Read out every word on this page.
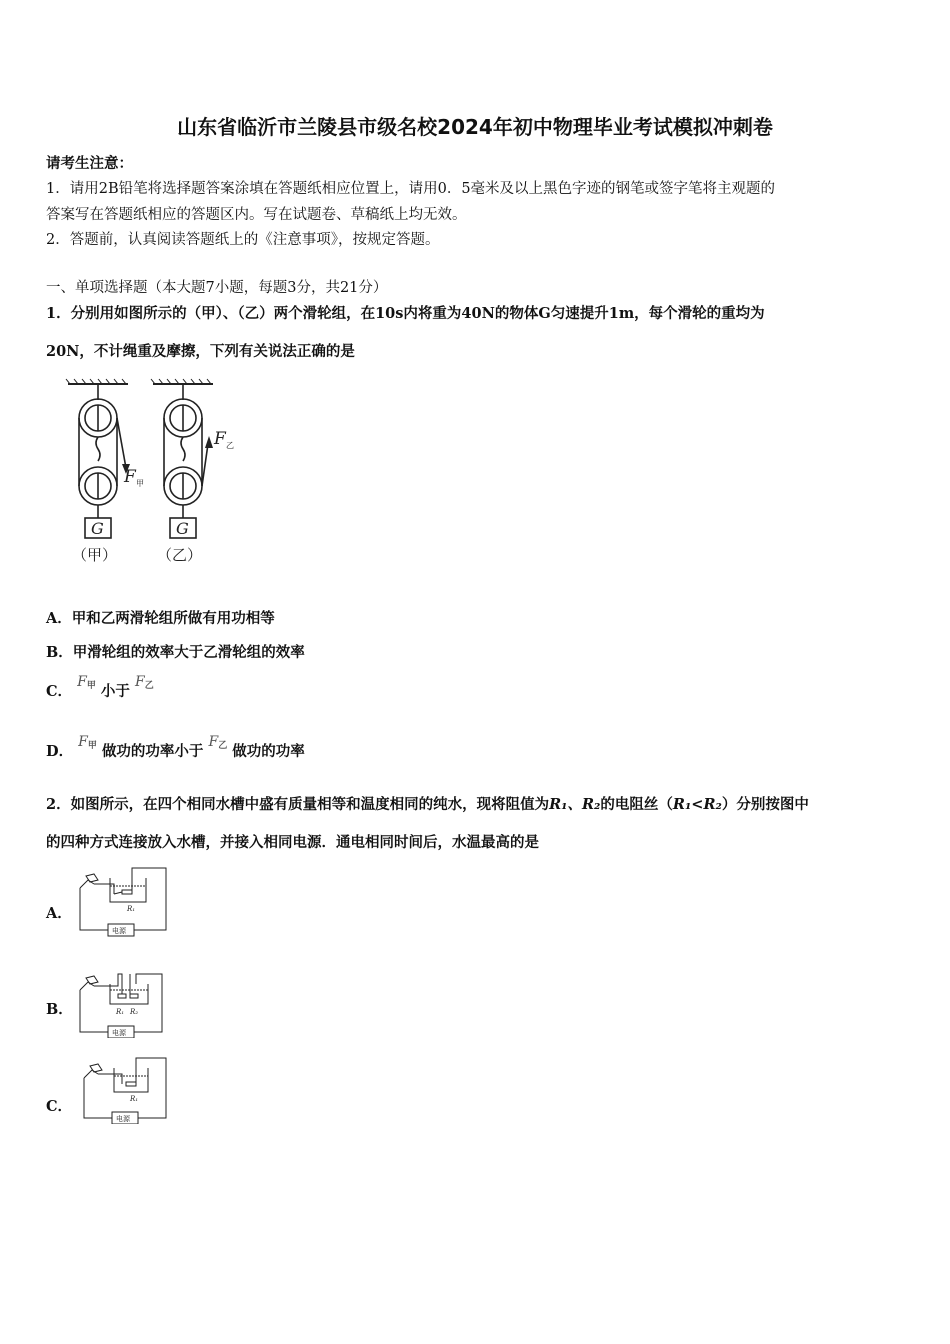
山东省临沂市兰陵县市级名校2024年初中物理毕业考试模拟冲刺卷
请考生注意：
1．请用2B铅笔将选择题答案涂填在答题纸相应位置上，请用0．5毫米及以上黑色字迹的钢笔或签字笔将主观题的
答案写在答题纸相应的答题区内。写在试题卷、草稿纸上均无效。
2．答题前，认真阅读答题纸上的《注意事项》，按规定答题。
一、单项选择题（本大题7小题，每题3分，共21分）
1．分别用如图所示的（甲）、（乙）两个滑轮组，在10s内将重为40N的物体G匀速提升1m，每个滑轮的重均为
20N，不计绳重及摩擦，下列有关说法正确的是
F 甲
G
（甲）
F 乙
G
（乙）
A．甲和乙两滑轮组所做有用功相等
B．甲滑轮组的效率大于乙滑轮组的效率
C． $F^甲$ 小于 $F^乙$
D． $F^甲$ 做功的功率小于 $F^乙$ 做功的功率
2．如图所示，在四个相同水槽中盛有质量相等和温度相同的纯水，现将阻值为R₁、R₂的电阻丝（R₁<R₂）分别按图中
的四种方式连接放入水槽，并接入相同电源．通电相同时间后，水温最高的是
A．	R₁
电源
B．	R₁ R₂
电源
C．	R₁
电源
